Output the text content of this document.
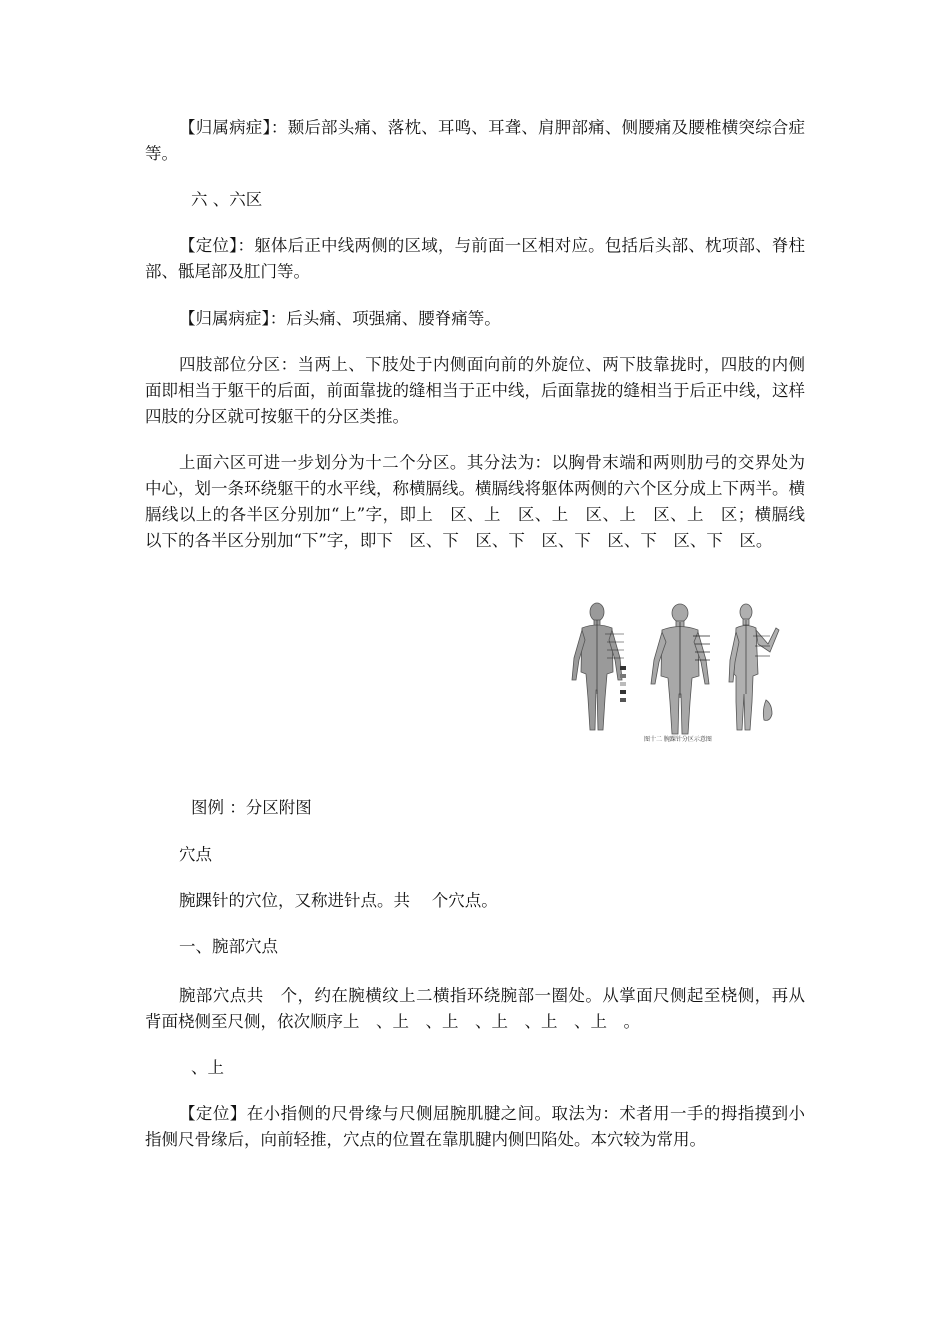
【归属病症】：颞后部头痛、落枕、耳鸣、耳聋、肩胛部痛、侧腰痛及腰椎横突综合症等。

六 、六区

【定位】：躯体后正中线两侧的区域，与前面一区相对应。包括后头部、枕项部、脊柱部、骶尾部及肛门等。

【归属病症】：后头痛、项强痛、腰脊痛等。

四肢部位分区：当两上、下肢处于内侧面向前的外旋位、两下肢靠拢时，四肢的内侧面即相当于躯干的后面，前面靠拢的缝相当于正中线，后面靠拢的缝相当于后正中线，这样四肢的分区就可按躯干的分区类推。

上面六区可进一步划分为十二个分区。其分法为：以胸骨末端和两则肋弓的交界处为中心，划一条环绕躯干的水平线，称横膈线。横膈线将躯体两侧的六个区分成上下两半。横膈线以上的各半区分别加“上”字，即上　区、上　区、上　区、上　区、上　区；横膈线以下的各半区分别加“下”字，即下　区、下　区、下　区、下　区、下　区、下　区。

图十二 腕踝针分区示意图

图例 ：分区附图

穴点

腕踝针的穴位，又称进针点。共　 个穴点。

一、腕部穴点

腕部穴点共　个，约在腕横纹上二横指环绕腕部一圈处。从掌面尺侧起至桡侧，再从背面桡侧至尺侧，依次顺序上　、上　、上　、上　、上　、上　。

、上

【定位】在小指侧的尺骨缘与尺侧屈腕肌腱之间。取法为：术者用一手的拇指摸到小指侧尺骨缘后，向前轻推，穴点的位置在靠肌腱内侧凹陷处。本穴较为常用。
